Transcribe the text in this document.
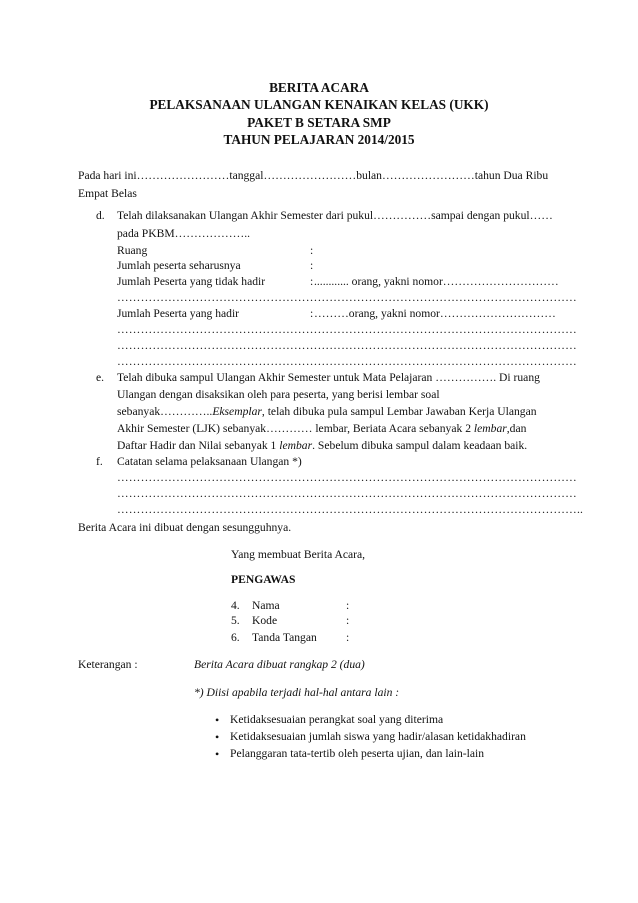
BERITA ACARA
PELAKSANAAN ULANGAN KENAIKAN KELAS (UKK)
PAKET B SETARA SMP
TAHUN PELAJARAN 2014/2015
Pada hari ini……………………tanggal……………………bulan……………………tahun Dua Ribu
Empat Belas
d. Telah dilaksanakan Ulangan Akhir Semester dari pukul……………sampai dengan pukul……
pada PKBM………………..
Ruang	:
Jumlah peserta seharusnya	:
Jumlah Peserta yang tidak hadir	: ............ orang, yakni nomor…………………………
………………………………………………………………………………………………………
Jumlah Peserta yang hadir	: ………orang, yakni nomor…………………………
………………………………………………………………………………………………………
………………………………………………………………………………………………………
………………………………………………………………………………………………………
e. Telah dibuka sampul Ulangan Akhir Semester untuk Mata Pelajaran ……………. Di ruang
Ulangan dengan disaksikan oleh para peserta, yang berisi lembar soal
sebanyak…………..Eksemplar, telah dibuka pula sampul Lembar Jawaban Kerja Ulangan
Akhir Semester (LJK) sebanyak………… lembar, Beriata Acara sebanyak 2 lembar,dan
Daftar Hadir dan Nilai sebanyak 1 lembar. Sebelum dibuka sampul dalam keadaan baik.
f. Catatan selama pelaksanaan Ulangan *)
………………………………………………………………………………………………………
………………………………………………………………………………………………………
………………………………………………………………………………………………………..
Berita Acara ini dibuat dengan sesungguhnya.
Yang membuat Berita Acara,
PENGAWAS
4. Nama	:
5. Kode	:
6. Tanda Tangan	:
Keterangan :	Berita Acara dibuat rangkap 2 (dua)
*) Diisi apabila terjadi hal-hal antara lain :
•
•
•
Ketidaksesuaian perangkat soal yang diterima
Ketidaksesuaian jumlah siswa yang hadir/alasan ketidakhadiran
Pelanggaran tata-tertib oleh peserta ujian, dan lain-lain
